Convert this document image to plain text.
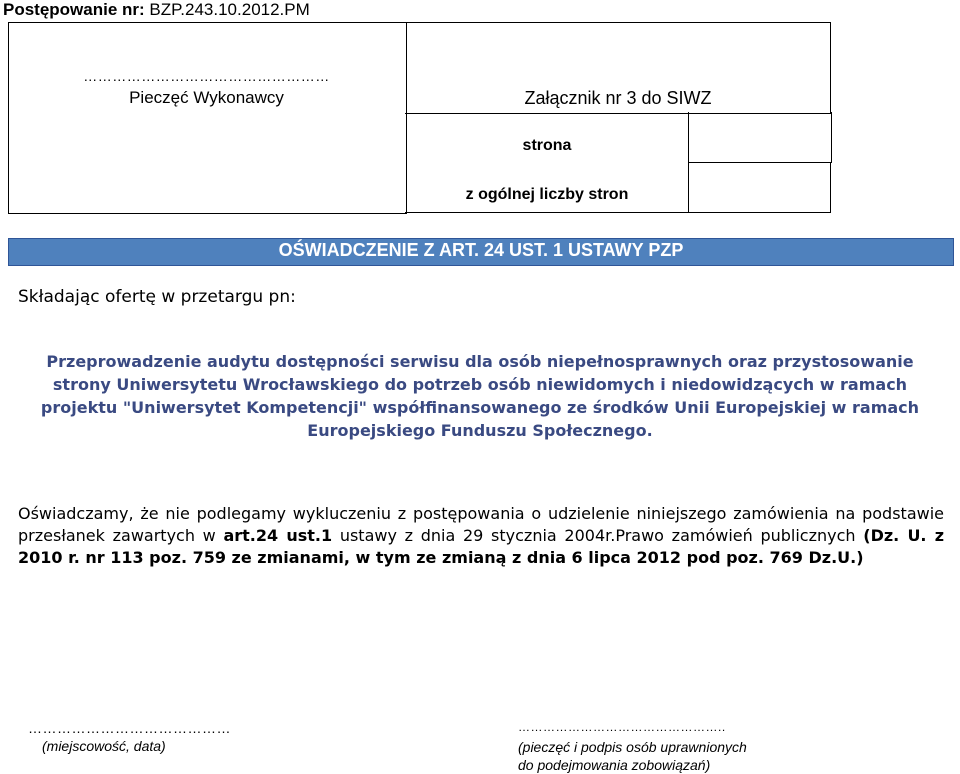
Postępowanie nr: BZP.243.10.2012.PM
……………………………………………
Pieczęć Wykonawcy	Załącznik nr 3 do SIWZ
strona
z ogólnej liczby stron
OŚWIADCZENIE Z ART. 24 UST. 1 USTAWY PZP
Składając ofertę w przetargu pn:
Przeprowadzenie audytu dostępności serwisu dla osób niepełnosprawnych oraz przystosowanie strony Uniwersytetu Wrocławskiego do potrzeb osób niewidomych i niedowidzących w ramach projektu "Uniwersytet Kompetencji" współfinansowanego ze środków Unii Europejskiej w ramach Europejskiego Funduszu Społecznego.
Oświadczamy, że nie podlegamy wykluczeniu z postępowania o udzielenie niniejszego zamówienia na podstawie przesłanek zawartych w art.24 ust.1 ustawy z dnia 29 stycznia 2004r.Prawo zamówień publicznych (Dz. U. z 2010 r. nr 113 poz. 759 ze zmianami, w tym ze zmianą z dnia 6 lipca 2012 pod poz. 769 Dz.U.)
……………………………………
(miejscowość, data)
…………………………………………..
(pieczęć i podpis osób uprawnionych
do podejmowania zobowiązań)
